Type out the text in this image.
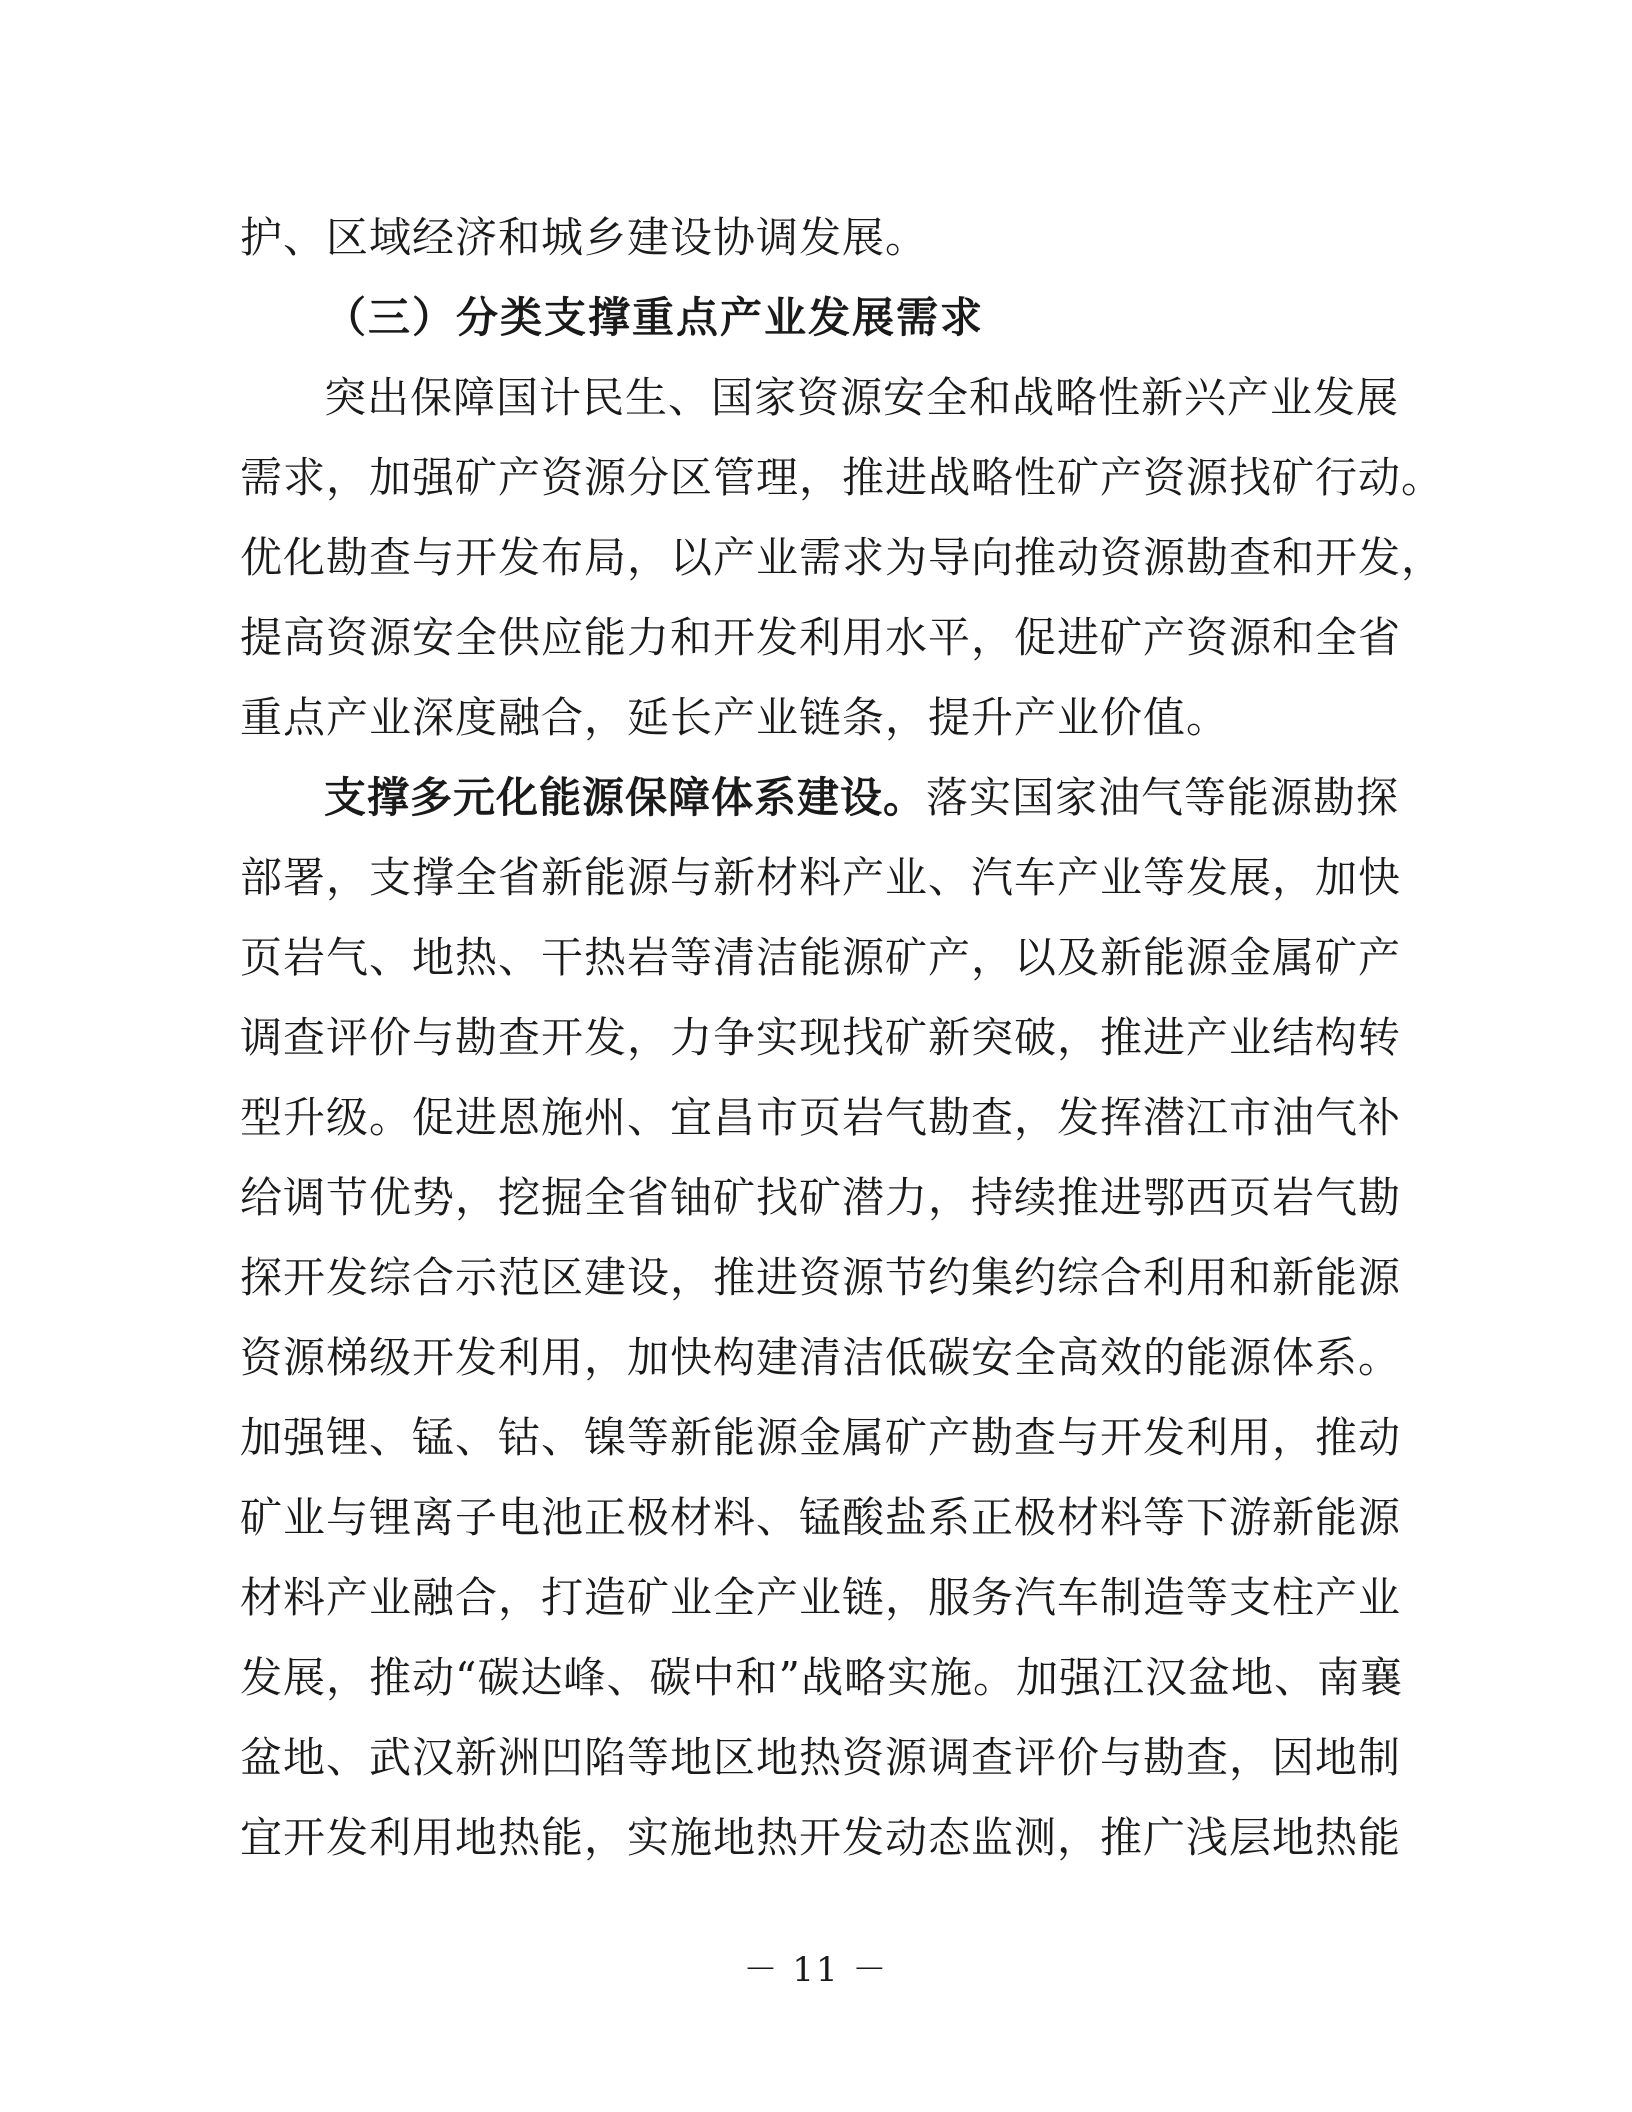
护、区域经济和城乡建设协调发展。
（三）分类支撑重点产业发展需求
突出保障国计民生、国家资源安全和战略性新兴产业发展
需求，加强矿产资源分区管理，推进战略性矿产资源找矿行动。
优化勘查与开发布局，以产业需求为导向推动资源勘查和开发，
提高资源安全供应能力和开发利用水平，促进矿产资源和全省
重点产业深度融合，延长产业链条，提升产业价值。
支撑多元化能源保障体系建设。落实国家油气等能源勘探
部署，支撑全省新能源与新材料产业、汽车产业等发展，加快
页岩气、地热、干热岩等清洁能源矿产，以及新能源金属矿产
调查评价与勘查开发，力争实现找矿新突破，推进产业结构转
型升级。促进恩施州、宜昌市页岩气勘查，发挥潜江市油气补
给调节优势，挖掘全省铀矿找矿潜力，持续推进鄂西页岩气勘
探开发综合示范区建设，推进资源节约集约综合利用和新能源
资源梯级开发利用，加快构建清洁低碳安全高效的能源体系。
加强锂、锰、钴、镍等新能源金属矿产勘查与开发利用，推动
矿业与锂离子电池正极材料、锰酸盐系正极材料等下游新能源
材料产业融合，打造矿业全产业链，服务汽车制造等支柱产业
发展，推动“碳达峰、碳中和”战略实施。加强江汉盆地、南襄
盆地、武汉新洲凹陷等地区地热资源调查评价与勘查，因地制
宜开发利用地热能，实施地热开发动态监测，推广浅层地热能
－ 11 －
